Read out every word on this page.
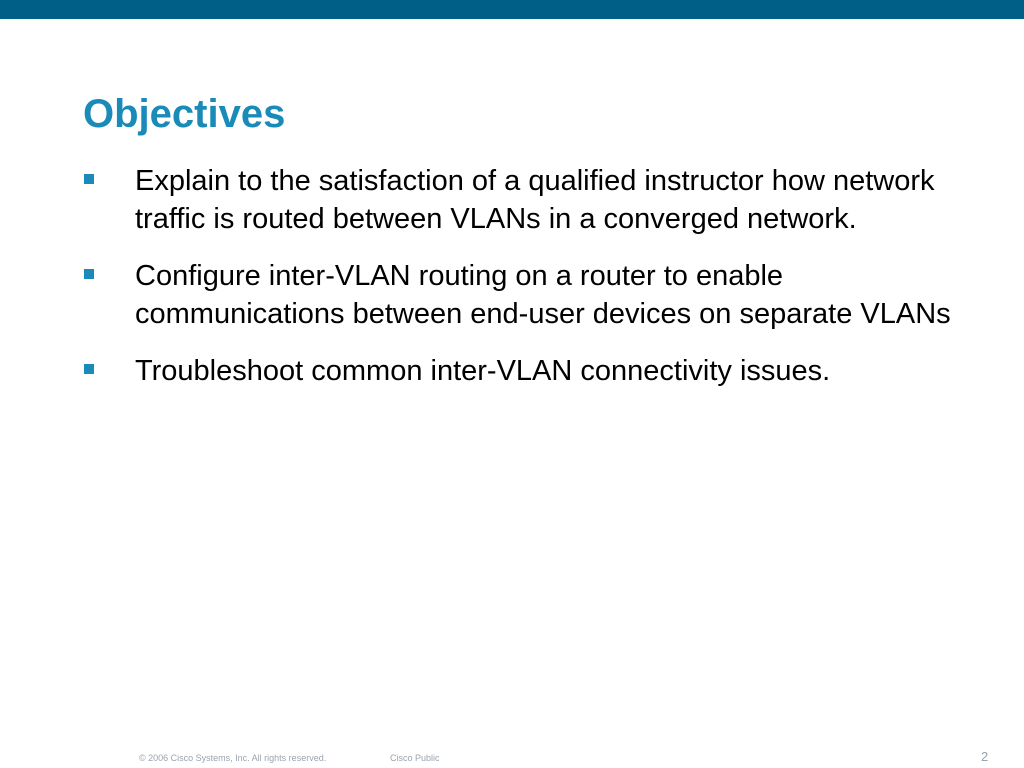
Objectives
Explain to the satisfaction of a qualified instructor how network traffic is routed between VLANs in a converged network.
Configure inter-VLAN routing on a router to enable communications between end-user devices on separate VLANs
Troubleshoot common inter-VLAN connectivity issues.
© 2006 Cisco Systems, Inc. All rights reserved.	Cisco Public	2
